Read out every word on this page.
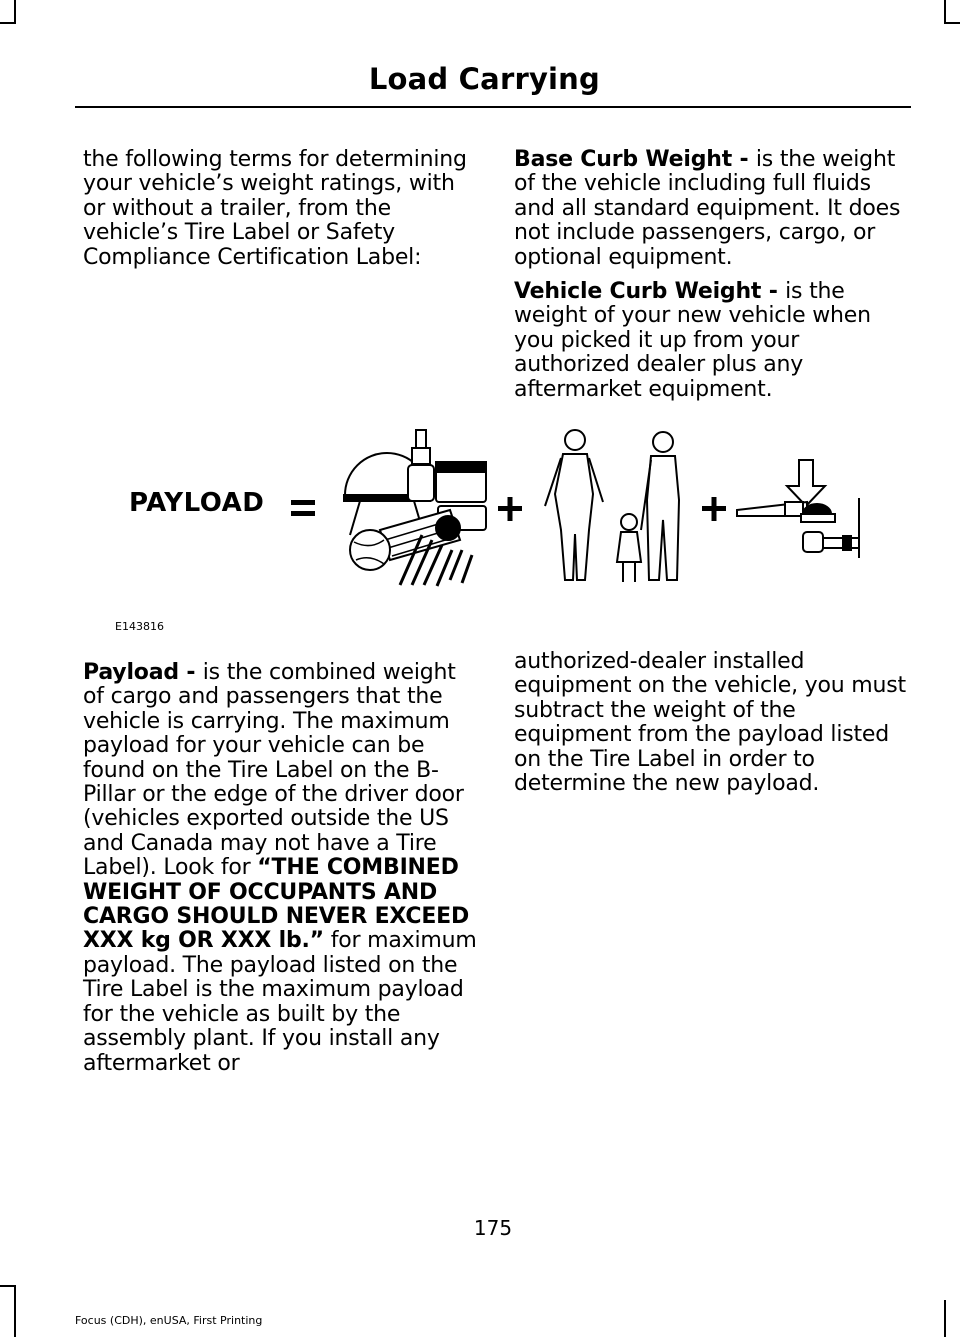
Load Carrying

the following terms for determining your vehicle’s weight ratings, with or without a trailer, from the vehicle’s Tire Label or Safety Compliance Certification Label:

Base Curb Weight - is the weight of the vehicle including full fluids and all standard equipment. It does not include passengers, cargo, or optional equipment.

Vehicle Curb Weight - is the weight of your new vehicle when you picked it up from your authorized dealer plus any aftermarket equipment.

PAYLOAD
E143816

Payload - is the combined weight of cargo and passengers that the vehicle is carrying. The maximum payload for your vehicle can be found on the Tire Label on the B-Pillar or the edge of the driver door (vehicles exported outside the US and Canada may not have a Tire Label). Look for “THE COMBINED WEIGHT OF OCCUPANTS AND CARGO SHOULD NEVER EXCEED XXX kg OR XXX lb.” for maximum payload. The payload listed on the Tire Label is the maximum payload for the vehicle as built by the assembly plant. If you install any aftermarket or

authorized-dealer installed equipment on the vehicle, you must subtract the weight of the equipment from the payload listed on the Tire Label in order to determine the new payload.

175
Focus (CDH), enUSA, First Printing
